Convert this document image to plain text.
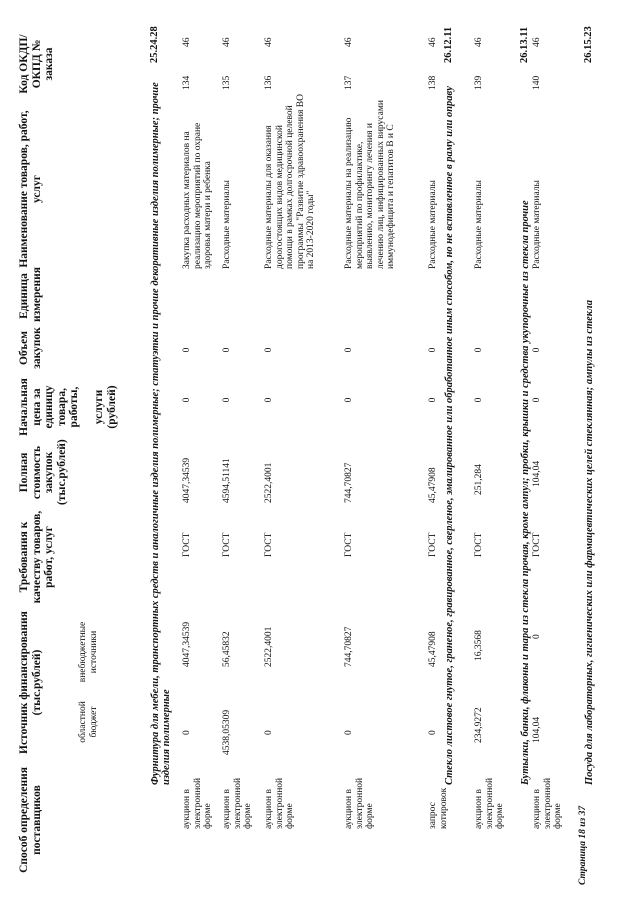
Код ОКДП/ ОКПД № заказа
Наименование товаров, работ, услуг
Единица измерения
Объем закупок
Начальная цена за единицу товара, работы, услуги (рублей)
Полная стоимость закупок (тыс.рублей)
Требования к качеству товаров, работ, услуг
Источник финансирования (тыс.рублей)
областной бюджет
внебюджетные источники
Способ определения поставщиков
25.24.28
Фурнитура для мебели, транспортных средств и аналогичные изделия полимерные; статуэтки и прочие декоративные изделия полимерные; прочие изделия полимерные
46
134
Закупка расходных материалов на реализацию мероприятий по охране здоровья матери и ребенка
0
0
4047,34539
ГОСТ
4047,34539
0
аукцион в электронной форме
46
135
Расходные материалы
0
0
4594,51141
ГОСТ
56,45832
4538,05309
аукцион в электронной форме
46
136
Расходные материалы для оказания дорогостоящих видов медицинской помощи в рамках долгосрочной целевой программы "Развитие здравоохранения ВО на 2013-2020 годы"
0
0
2522,4001
ГОСТ
2522,4001
0
аукцион в электронной форме
46
137
Расходные материалы на реализацию мероприятий по профилактике, выявлению, мониторингу лечения и лечению лиц, инфицированных вирусами иммунодефицита и гепатитов В и С
0
0
744,70827
ГОСТ
744,70827
0
аукцион в электронной форме
46
138
Расходные материалы
0
0
45,47908
ГОСТ
45,47908
0
запрос котировок
26.12.11
Стекло листовое гнутое, граненое, гравированное, сверленое, эмалированное или обработанное иным способом, но не вставленное в раму или оправу
46
139
Расходные материалы
0
0
251,284
ГОСТ
16,3568
234,9272
аукцион в электронной форме
26.13.11
Бутылки, банки, флаконы и тара из стекла прочая, кроме ампул; пробки, крышки и средства укупорочные из стекла прочие
46
140
Расходные материалы
0
0
104,04
ГОСТ
0
104,04
аукцион в электронной форме
26.15.23
Посуда для лабораторных, гигиенических или фармацевтических целей стеклянная; ампулы из стекла
Страница 18 из 37
